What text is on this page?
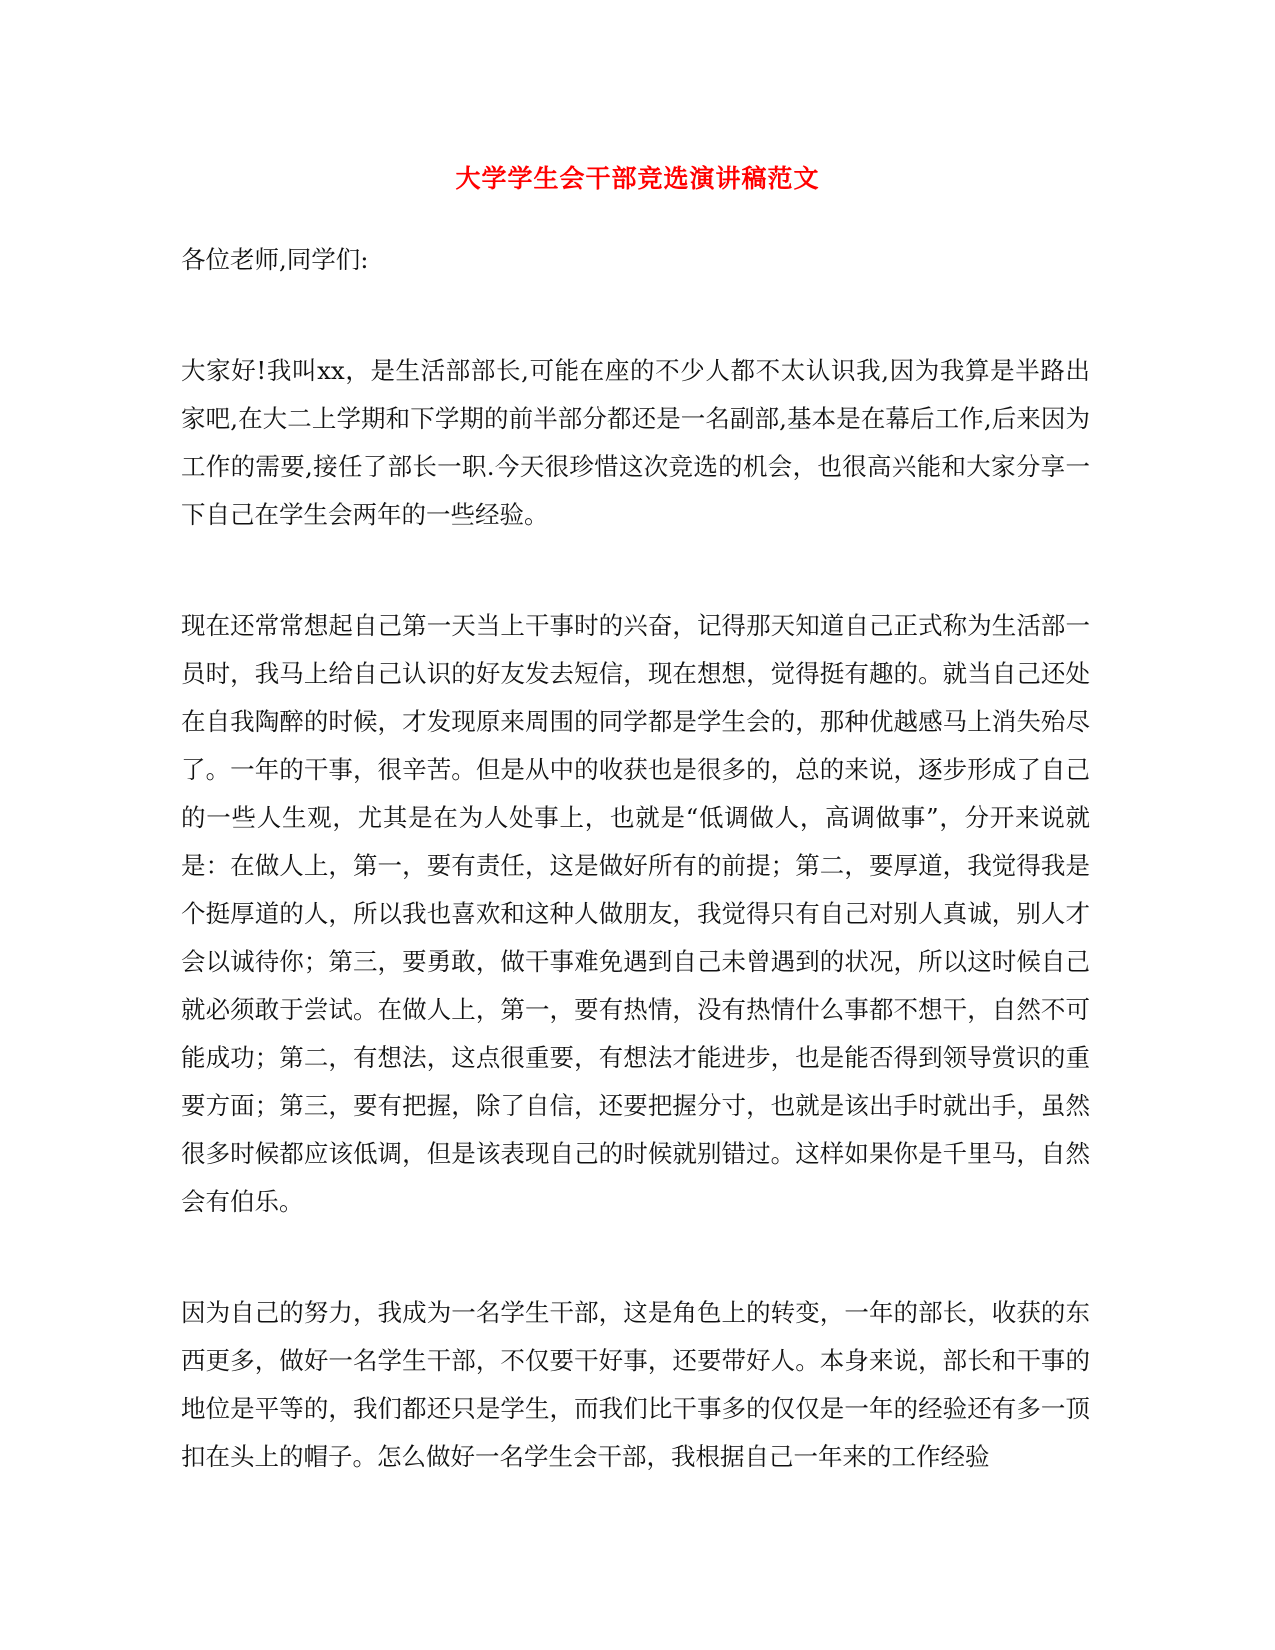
大学学生会干部竞选演讲稿范文

各位老师,同学们:

大家好!我叫xx，是生活部部长,可能在座的不少人都不太认识我,因为我算是半路出家吧,在大二上学期和下学期的前半部分都还是一名副部,基本是在幕后工作,后来因为工作的需要,接任了部长一职.今天很珍惜这次竞选的机会，也很高兴能和大家分享一下自己在学生会两年的一些经验。

现在还常常想起自己第一天当上干事时的兴奋，记得那天知道自己正式称为生活部一员时，我马上给自己认识的好友发去短信，现在想想，觉得挺有趣的。就当自己还处在自我陶醉的时候，才发现原来周围的同学都是学生会的，那种优越感马上消失殆尽了。一年的干事，很辛苦。但是从中的收获也是很多的，总的来说，逐步形成了自己的一些人生观，尤其是在为人处事上，也就是“低调做人，高调做事”，分开来说就是：在做人上，第一，要有责任，这是做好所有的前提；第二，要厚道，我觉得我是个挺厚道的人，所以我也喜欢和这种人做朋友，我觉得只有自己对别人真诚，别人才会以诚待你；第三，要勇敢，做干事难免遇到自己未曾遇到的状况，所以这时候自己就必须敢于尝试。在做人上，第一，要有热情，没有热情什么事都不想干，自然不可能成功；第二，有想法，这点很重要，有想法才能进步，也是能否得到领导赏识的重要方面；第三，要有把握，除了自信，还要把握分寸，也就是该出手时就出手，虽然很多时候都应该低调，但是该表现自己的时候就别错过。这样如果你是千里马，自然会有伯乐。

因为自己的努力，我成为一名学生干部，这是角色上的转变，一年的部长，收获的东西更多，做好一名学生干部，不仅要干好事，还要带好人。本身来说，部长和干事的地位是平等的，我们都还只是学生，而我们比干事多的仅仅是一年的经验还有多一顶扣在头上的帽子。怎么做好一名学生会干部，我根据自己一年来的工作经验
